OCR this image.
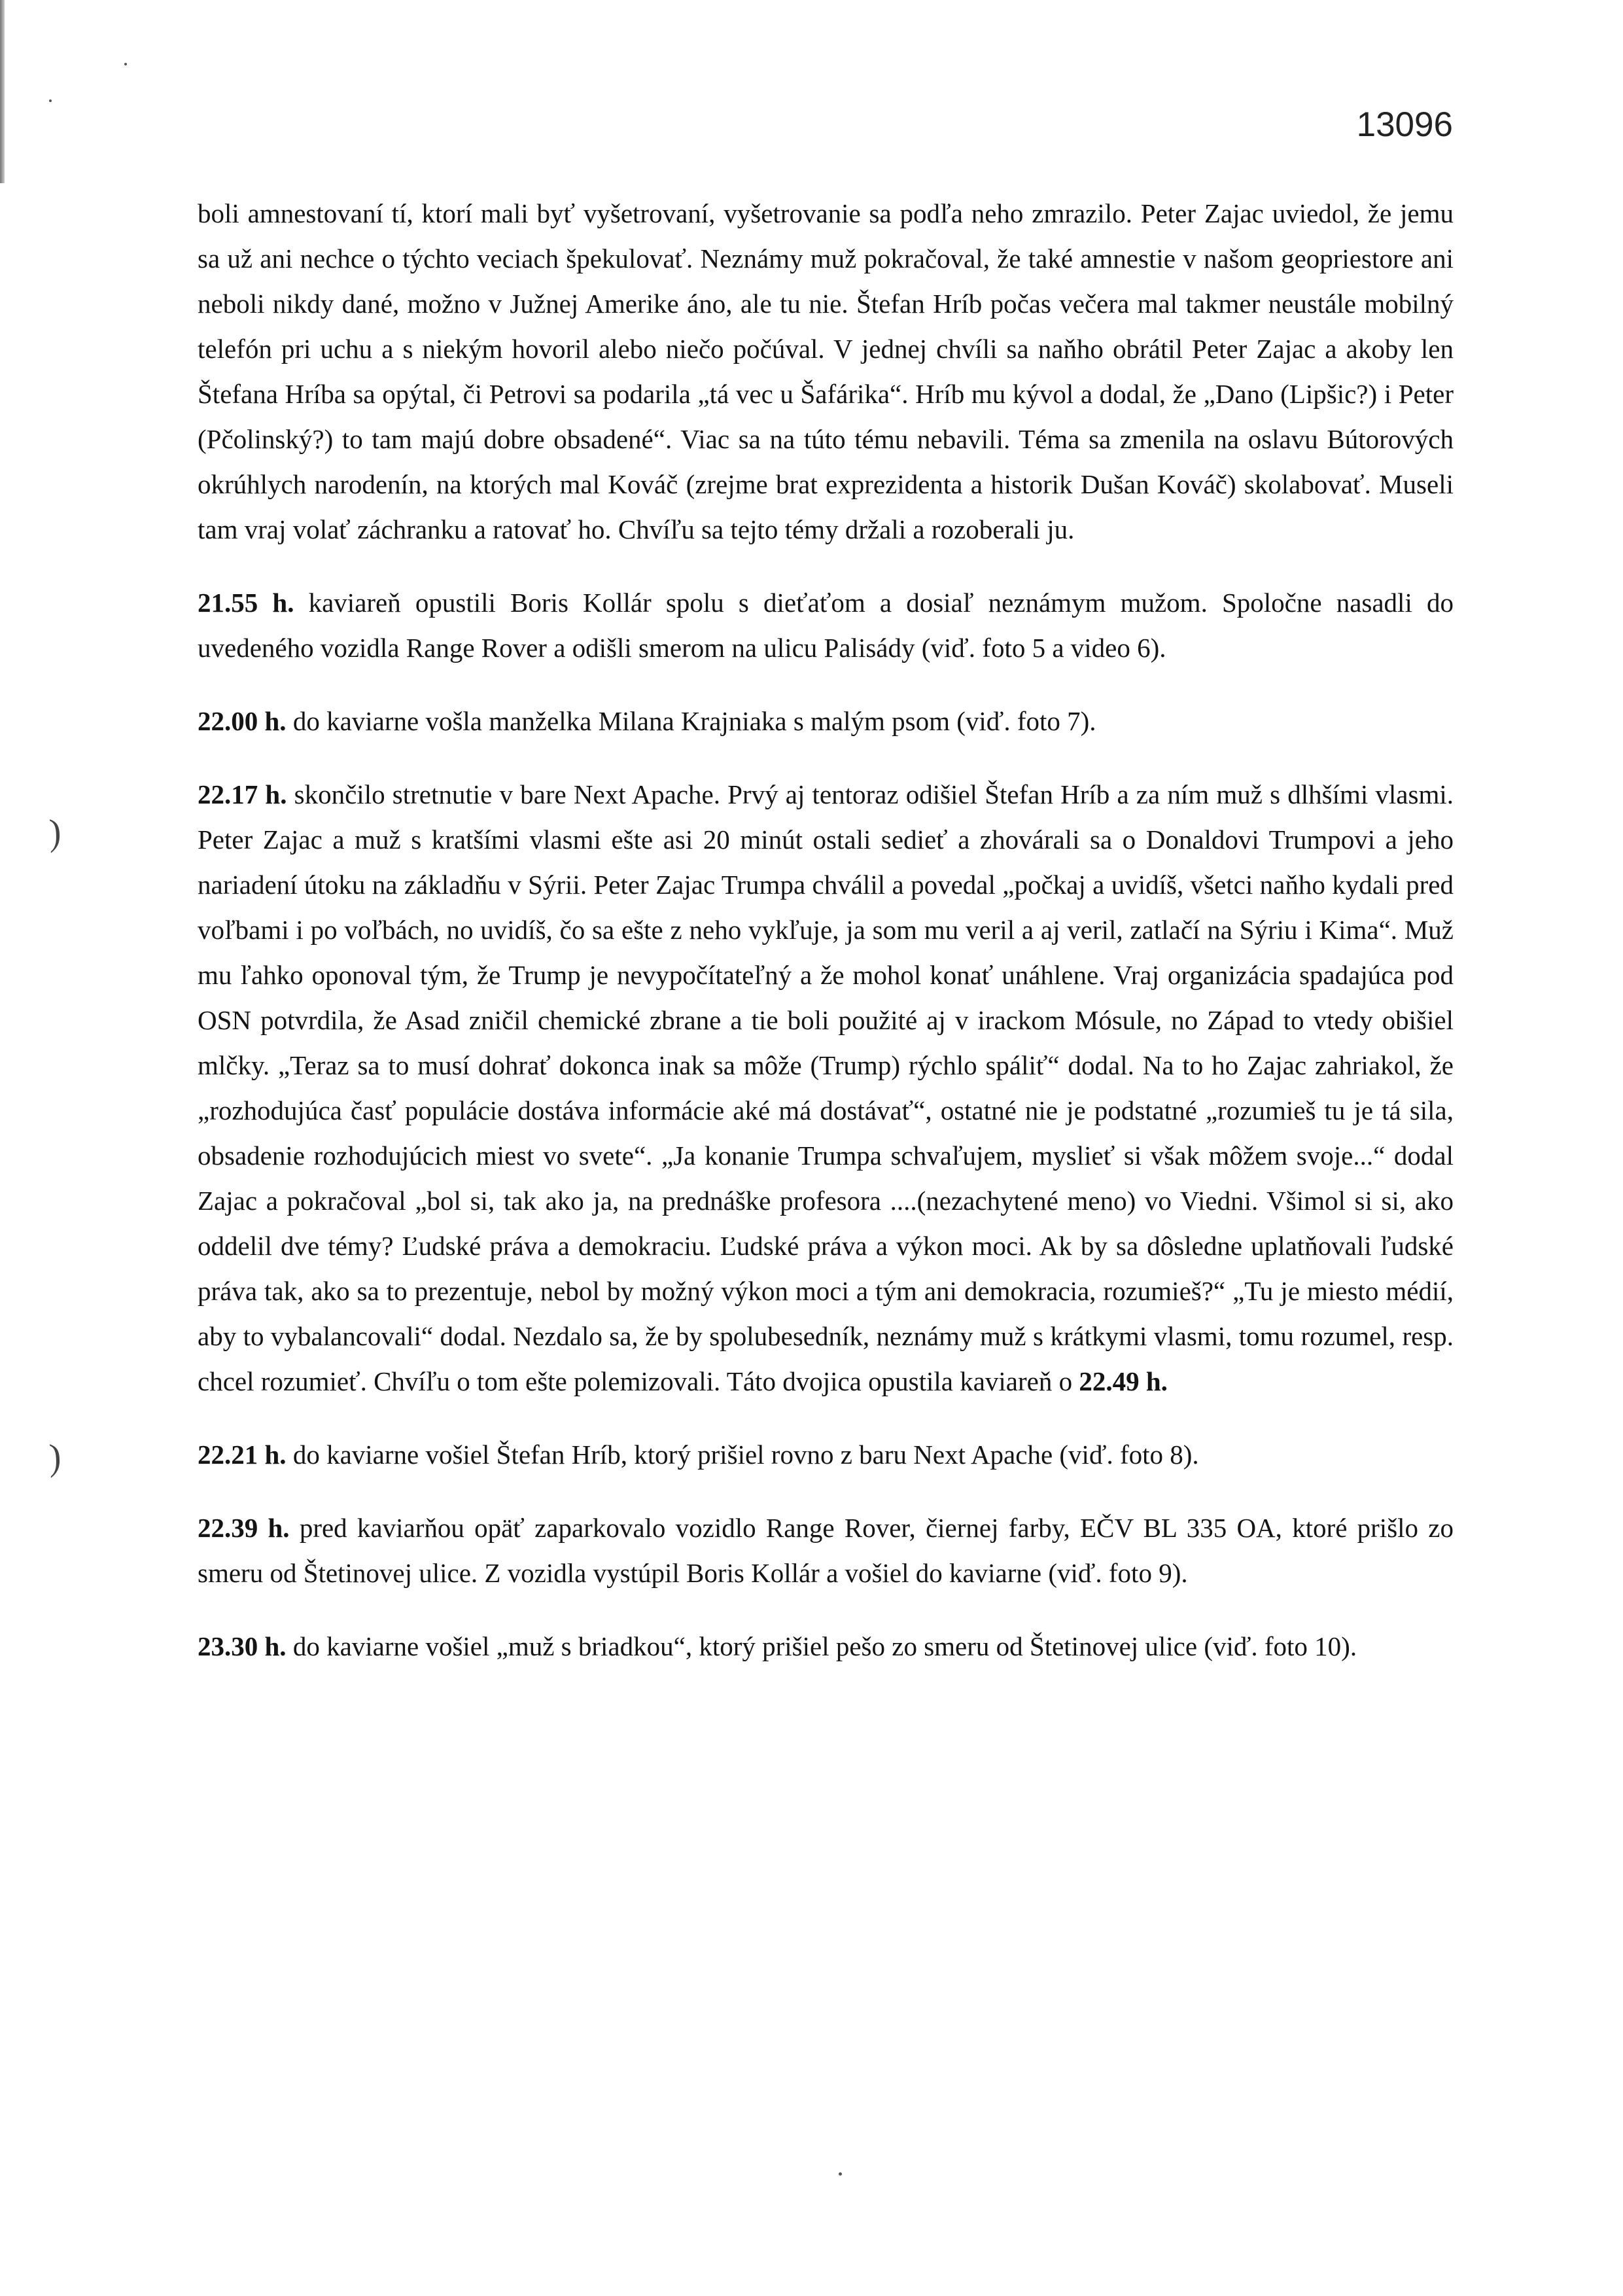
13096
)
)

boli amnestovaní tí, ktorí mali byť vyšetrovaní, vyšetrovanie sa podľa neho zmrazilo. Peter Zajac uviedol, že jemu sa už ani nechce o týchto veciach špekulovať. Neznámy muž pokračoval, že také amnestie v našom geopriestore ani neboli nikdy dané, možno v Južnej Amerike áno, ale tu nie. Štefan Hríb počas večera mal takmer neustále mobilný telefón pri uchu a s niekým hovoril alebo niečo počúval. V jednej chvíli sa naňho obrátil Peter Zajac a akoby len Štefana Hríba sa opýtal, či Petrovi sa podarila „tá vec u Šafárika“. Hríb mu kývol a dodal, že „Dano (Lipšic?) i Peter (Pčolinský?) to tam majú dobre obsadené“. Viac sa na túto tému nebavili. Téma sa zmenila na oslavu Bútorových okrúhlych narodenín, na ktorých mal Kováč (zrejme brat exprezidenta a historik Dušan Kováč) skolabovať. Museli tam vraj volať záchranku a ratovať ho. Chvíľu sa tejto témy držali a rozoberali ju.

21.55 h. kaviareň opustili Boris Kollár spolu s dieťaťom a dosiaľ neznámym mužom. Spoločne nasadli do uvedeného vozidla Range Rover a odišli smerom na ulicu Palisády (viď. foto 5 a video 6).

22.00 h. do kaviarne vošla manželka Milana Krajniaka s malým psom (viď. foto 7).

22.17 h. skončilo stretnutie v bare Next Apache. Prvý aj tentoraz odišiel Štefan Hríb a za ním muž s dlhšími vlasmi. Peter Zajac a muž s kratšími vlasmi ešte asi 20 minút ostali sedieť a zhovárali sa o Donaldovi Trumpovi a jeho nariadení útoku na základňu v Sýrii. Peter Zajac Trumpa chválil a povedal „počkaj a uvidíš, všetci naňho kydali pred voľbami i po voľbách, no uvidíš, čo sa ešte z neho vykľuje, ja som mu veril a aj veril, zatlačí na Sýriu i Kima“. Muž mu ľahko oponoval tým, že Trump je nevypočítateľný a že mohol konať unáhlene. Vraj organizácia spadajúca pod OSN potvrdila, že Asad zničil chemické zbrane a tie boli použité aj v irackom Mósule, no Západ to vtedy obišiel mlčky. „Teraz sa to musí dohrať dokonca inak sa môže (Trump) rýchlo spáliť“ dodal. Na to ho Zajac zahriakol, že „rozhodujúca časť populácie dostáva informácie aké má dostávať“, ostatné nie je podstatné „rozumieš tu je tá sila, obsadenie rozhodujúcich miest vo svete“. „Ja konanie Trumpa schvaľujem, myslieť si však môžem svoje...“ dodal Zajac a pokračoval „bol si, tak ako ja, na prednáške profesora ....(nezachytené meno) vo Viedni. Všimol si si, ako oddelil dve témy? Ľudské práva a demokraciu. Ľudské práva a výkon moci. Ak by sa dôsledne uplatňovali ľudské práva tak, ako sa to prezentuje, nebol by možný výkon moci a tým ani demokracia, rozumieš?“ „Tu je miesto médií, aby to vybalancovali“ dodal. Nezdalo sa, že by spolubesedník, neznámy muž s krátkymi vlasmi, tomu rozumel, resp. chcel rozumieť. Chvíľu o tom ešte polemizovali. Táto dvojica opustila kaviareň o 22.49 h.

22.21 h. do kaviarne vošiel Štefan Hríb, ktorý prišiel rovno z baru Next Apache (viď. foto 8).

22.39 h. pred kaviarňou opäť zaparkovalo vozidlo Range Rover, čiernej farby, EČV BL 335 OA, ktoré prišlo zo smeru od Štetinovej ulice. Z vozidla vystúpil Boris Kollár a vošiel do kaviarne (viď. foto 9).

23.30 h. do kaviarne vošiel „muž s briadkou“, ktorý prišiel pešo zo smeru od Štetinovej ulice (viď. foto 10).
